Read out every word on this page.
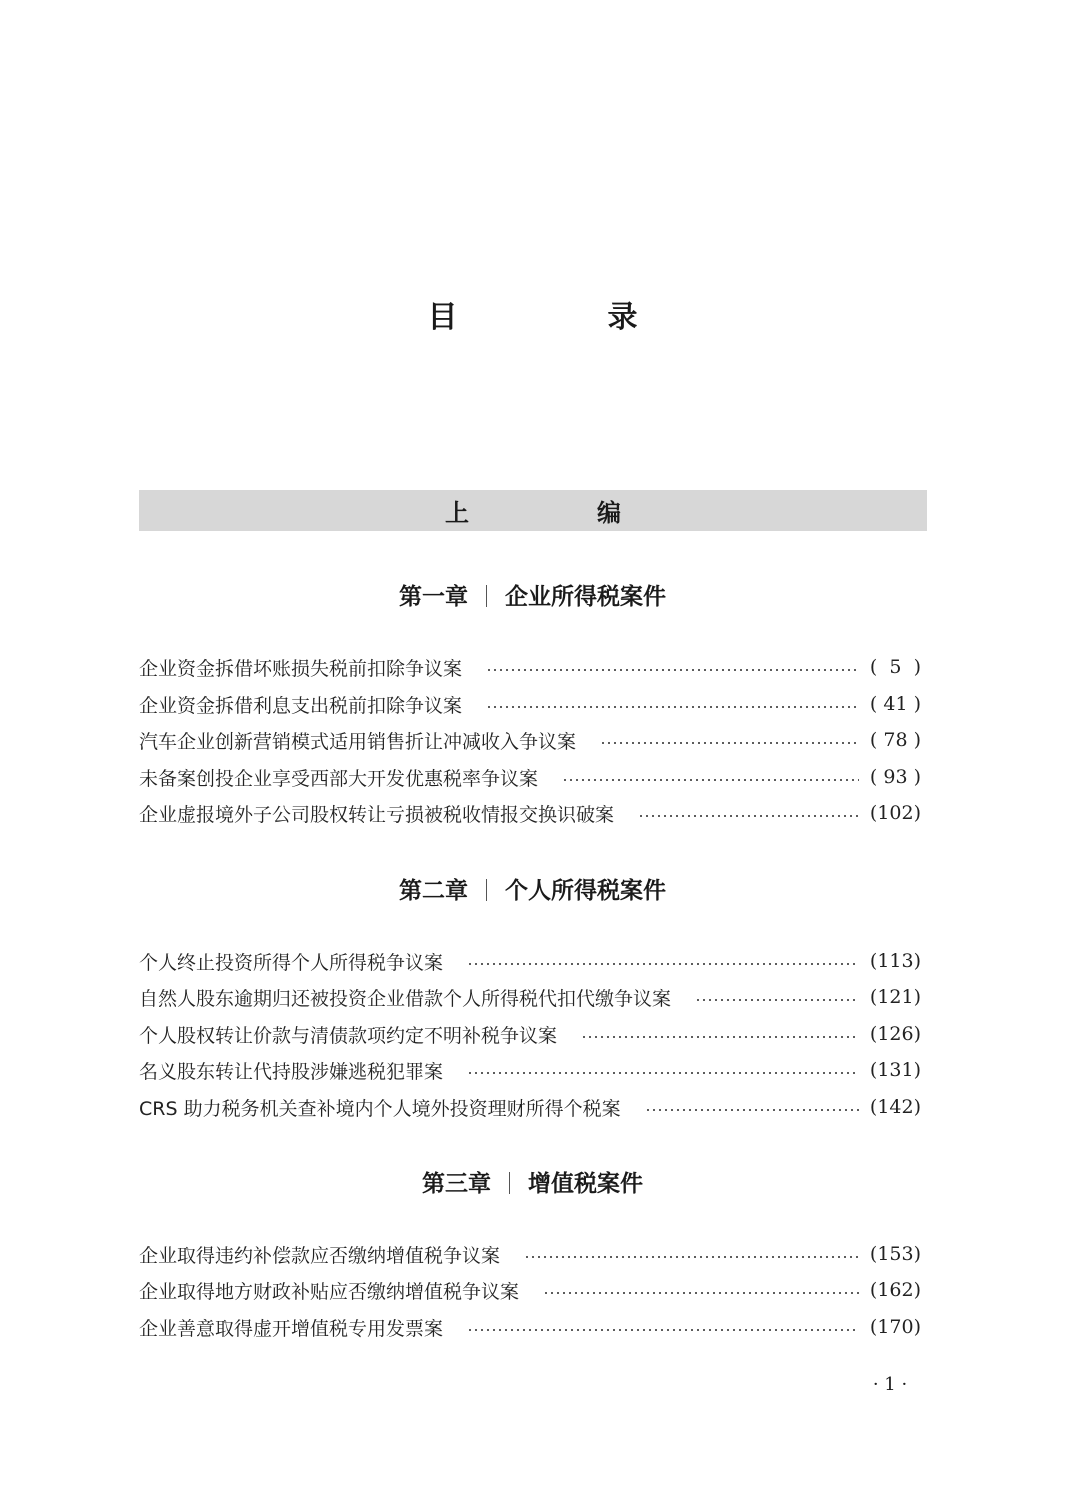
目　录
上　编
第一章 企业所得税案件
企业资金拆借坏账损失税前扣除争议案	(  5  )
企业资金拆借利息支出税前扣除争议案	( 41 )
汽车企业创新营销模式适用销售折让冲减收入争议案	( 78 )
未备案创投企业享受西部大开发优惠税率争议案	( 93 )
企业虚报境外子公司股权转让亏损被税收情报交换识破案	(102)
第二章 个人所得税案件
个人终止投资所得个人所得税争议案	(113)
自然人股东逾期归还被投资企业借款个人所得税代扣代缴争议案	(121)
个人股权转让价款与清债款项约定不明补税争议案	(126)
名义股东转让代持股涉嫌逃税犯罪案	(131)
CRS 助力税务机关查补境内个人境外投资理财所得个税案	(142)
第三章 增值税案件
企业取得违约补偿款应否缴纳增值税争议案	(153)
企业取得地方财政补贴应否缴纳增值税争议案	(162)
企业善意取得虚开增值税专用发票案	(170)
· 1 ·
